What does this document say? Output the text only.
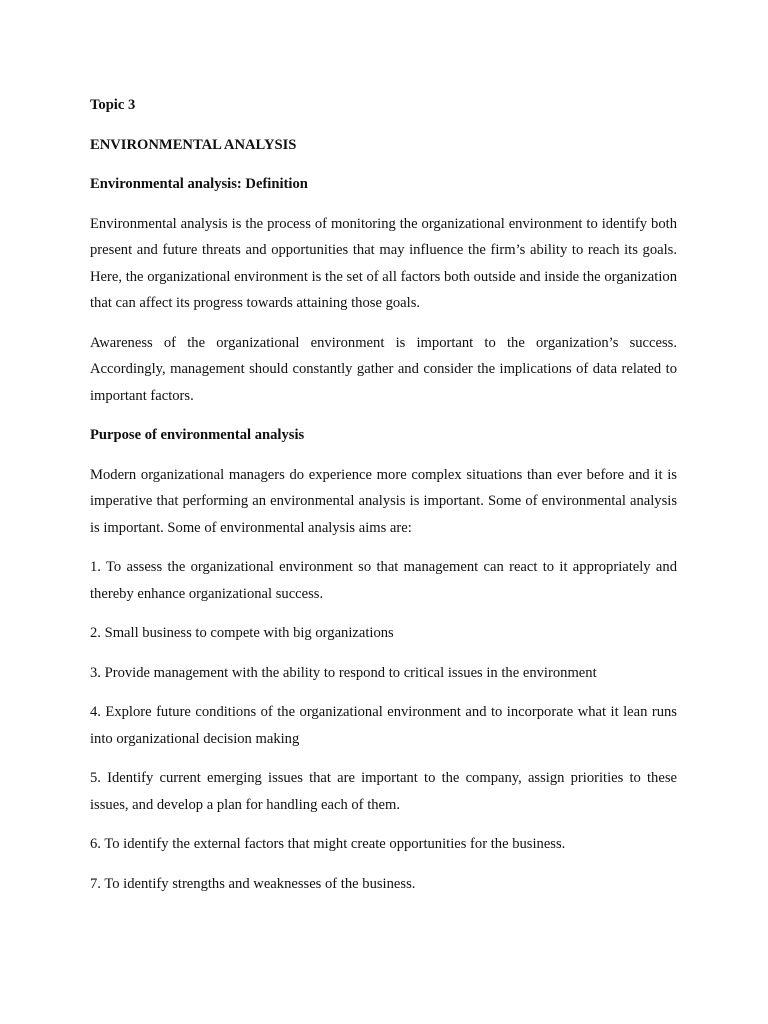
Topic 3

ENVIRONMENTAL ANALYSIS

Environmental analysis: Definition

Environmental analysis is the process of monitoring the organizational environment to identify both present and future threats and opportunities that may influence the firm’s ability to reach its goals. Here, the organizational environment is the set of all factors both outside and inside the organization that can affect its progress towards attaining those goals.

Awareness of the organizational environment is important to the organization’s success. Accordingly, management should constantly gather and consider the implications of data related to important factors.

Purpose of environmental analysis

Modern organizational managers do experience more complex situations than ever before and it is imperative that performing an environmental analysis is important. Some of environmental analysis is important. Some of environmental analysis aims are:

1. To assess the organizational environment so that management can react to it appropriately and thereby enhance organizational success.
2. Small business to compete with big organizations
3. Provide management with the ability to respond to critical issues in the environment
4. Explore future conditions of the organizational environment and to incorporate what it lean runs into organizational decision making
5. Identify current emerging issues that are important to the company, assign priorities to these issues, and develop a plan for handling each of them.
6. To identify the external factors that might create opportunities for the business.
7. To identify strengths and weaknesses of the business.
